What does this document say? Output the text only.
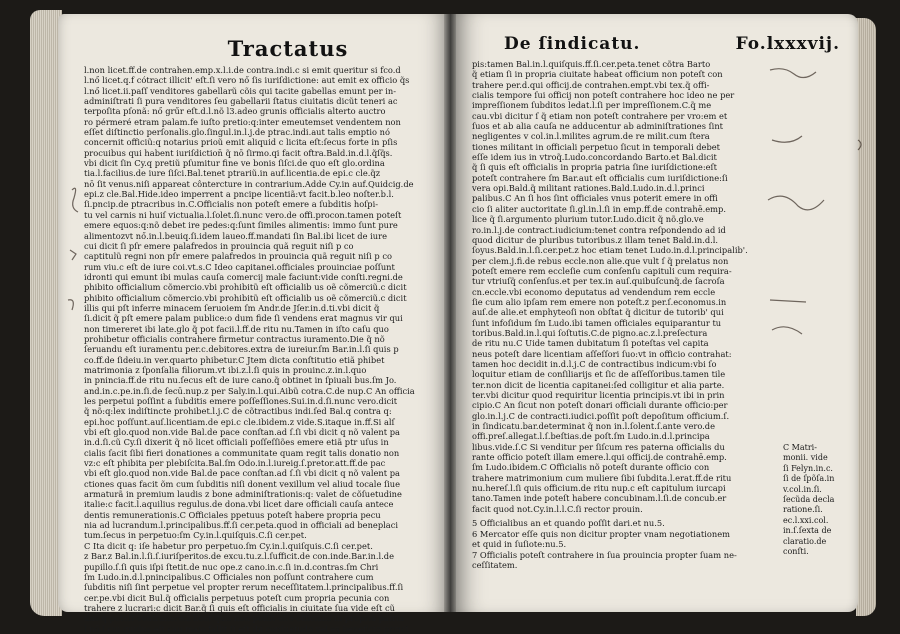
Tractatus
l.non licet.ff.de contrahen.emp.x.l.i.de contra.indi.c si emit queritur si fco.d
l.nő licet.q.f cótract illicit' eſt.ſi vero nő ſis iuriſdictione: aut emit ex officio q̃s
l.nő licet.ii.paſſ venditores gabellarũ cõis qui tacite gabellas emunt per in-
adminiſtrati ſi pura venditores ſeu gabellarii ſtatus ciuitatis dicũt teneri ac
terpoſita pſonã: nő grűr eſt.d.l.nõ l3.adeo grunis officialis alterto auctro
ro pérmeré etram palam.fe iuſto pretio:q:inter emeutemset vendentem non
eſſet diſtinctio perſonalis.glo.ſingul.in.l.j.de ptrac.indi.aut talis emptio nó
concernit officiũ:q notarius prioũ emit aliquid c licita eſt:ſecus forte in pſis
procuibus qui habent iuriſdiction̄ q̃ nō ſirmo.qi facit oftra.Bald.in.d.l.q̃ſq̃s.
vbi dicit ſin Cy.q pretiũ pſumitur fine ve bonis ſiſci.de quo eſt glo.ordina
tia.l.facilius.de iure ſiſci.Bal.tenet ptrariũ.in auf.licentia.de epi.c cle.q̃z
nō ſit venus.niſi appareat côntercture in contrarium.Adde Cy.in auf.Quidcig.de
epi.z cle.Bal.Hide.ideo imperrent a pncipe licentiã:vt facit.b.leo noſter.b.l.
ſi.pncip.de ptracribus in.C.Officialis non poteſt emere a ſubditis hoſpi-
tu vel carnis ni huiſ victualia.l.ſolet.ſi.nunc vero.de offi.procon.tamen poteſt
emere equos:q:nõ debet ire pedes:q:ſunt ſimiles alimentis: immo ſunt pure
alimentozvt nő.in.l.beuiq.ſi.idem laueo.ff.mandati ſin Bal.ibi licet de iure
cui dicit ſi pſr emere palafredos in prouincia quã reguit niſi p co
captitulũ regni non pſr emere palafredos in prouincia quã reguit niſi p co
rum viu.c eſt de iure coi.vt.s.C Ideo capitanei.officiales prouinciae poſſunt
idronti qui emunt ibi mulas cauſa comercij male faciunt:vide conſti.regni.de
phibito officialium cõmercio.vbi prohibitũ eſt officialib us oẽ cõmerciũ.c dicit
phibito officialium cõmercio.vbi prohibitũ eſt officialib us oẽ cõmerciũ.c dicit
illis qui pſt inferre minacem ſeruoiem ſm Andr.de Jſer.in.d.ti.vbi dicit q̃
ſi.dicit q̃ pſt emere palam publice:o dum fide ſi vendens erat magnus vir qui
non timereret ibi late.glo q̃ pot facii.l.ff.de ritu nu.Tamen in iſto caſu quo
prohibetur officialis contrahere firmetur contractus iuramento.Die q̃ nõ
ſeruandu eſt iuramentu per.c.debitores.extra de iureiur.ſm Bar.in.l.ſi quis p
co.ff.de ſideiu.in ver.quarto phibetur.C Jtem dicta conſtitutio etiã phibet
matrimonia z ſponſalia filiorum.vt ibi.z.l.ſi quis in prouinc.z.in.l.quo
in pnincia.ff.de ritu nu.ſecus eſt de iure cano.q̃ obtinet in ſpiuali bus.ſm Jo.
and.in.c.pe.in.ſi.de ſecū.nup.z per Saly.in.l.qui.Aibũ cotra.C.de nup.C An officia
les perpetui poſſint a ſubditis emere poſſeſſiones.Sui.in.d.ſi.nunc vero.dicit
q̃ nõ:q:lex indiſtincte prohibet.l.j.C de cõtractibus indi.ſed Bal.q contra q:
epi.hoc poſſunt.auſ.licentiam.de epi.c cle.ibidem.z vide.S.itaque in.ff.Si alſ
vbi eſt glo.quod non.vide Bal.de pace conſtan.ad ſ.ſi vbi dicit q nõ valent pa
in.d.ſi.cũ Cy.ſi dixerit q̃ nõ licet officiali poſſeſſiões emere etiã ptr uſus in
cialis ſacit ſibi fieri donationes a communitate quam regit talis donatio non
vz:c eſt phibita per plebiſcita.Bal.ſm Odo.in.l.iureig.ſ.pretor.att.ff.de pac
vbi eſt glo.quod non.vide Bal.de pace conſtan.ad ſ.ſi vbi dicit q nõ valent pa
ctiones quas facit õm cum ſubditis niſi donent vexillum vel aliud tocale ſiue
armaturã in premium laudis z bone adminiſtrationis:q: valet de cõſuetudine
italie:c facit.l.aquilius regulus.de dona.vbi licet dare officiali cauſa antece
dentis remunerationis.C Officiales ppetuus poteſt habere propria pecu
nia ad lucrandum.l.principalibus.ff.ſi cer.peta.quod in officiali ad beneplaci
tum.ſecus in perpetuo:ſm Cy.in.l.quiſquis.C.ſi cer.pet.
C Ita dicit q: iſe habetur pro perpetuo.ſm Cy.in.l.quiſquis.C.ſi cer.pet.
z Bar.z Bal.in.l.ſi.ſ.iuriſperitos.de excu.tu.z.l.ſufficit.de con.inde.Bar.in.l.de
pupillo.ſ.ſi quis iſpi ſtetit.de nuc ope.z cano.in.c.ſi in.d.contras.ſm Chri
ſm Ludo.in.d.l.pnincipalibus.C Officiales non poſſunt contrahere cum
ſubditis niſi ſint perpetue vel propter rerum neceſſitatem.l.principalibus.ff.ſi
cer.pe.vbi dicit Bul.q̃ officialis perpetuus poteſt cum propria pecunia con
trahere z lucrari:c dicit Bar.q̃ ſi quis eſt officialis in ciuitate ſua vide eſt cũ
dus q̃ poteſt contrahere:z licet quis non poſſit eſſe officialis in propria patria
l.nō.l.cui.quidus eſt cau.maio.fallit ſi eſt ibi conſuetudo vel ex beneficio princi
De ſindicatu.	Fo.lxxxvij.
pis:tamen Bal.in.l.quiſquis.ff.ſi.cer.peta.tenet cõtra Barto
q̃ etiam ſi in propria ciuitate habeat officium non poteſt con
trahere per.d.qui officij.de contrahen.empt.vbi tex.q̃ offi-
cialis tempore ſui officij non poteſt contrahere hoc ideo ne per
impreſſionem ſubditos ledat.l.ſi per impreſſionem.C.q̃ me
cau.vbi dicitur ſ q̃ etiam non poteſt contrahere per vro:em et
ſuos et ab alia cauſa ne adducentur ab adminiſtrationes ſint
negligentes v col.in.l.milites agrum.de re milit.cum ſtera
tiones militant in officiali perpetuo ſicut in temporali debet
eſſe idem ius in vtroq̃.Ludo.concordando Barto.et Bal.dicit
q̃ ſi quis eſt officialis in propria patria ſine iuriſdictione:eſt
poteſt contrahere ſm Bar.aut eſt officialis cum iuriſdictione:ſi
vera opi.Bald.q̃ militant rationes.Bald.Ludo.in.d.l.princi
palibus.C An ſi hos ſint officiales vnus poterit emere in offi
cio ſi aliter auctoritate ſi.gl.in.l.ſi in emp.ff.de contrahē.emp.
lice q̃ ſi.argumento plurium tutor.Ludo.dicit q̃ nõ.glo.ve
ro.in.l.j.de contract.iudicium:tenet contra reſpondendo ad id
quod dicitur de pluribus tutoribus.z illam tenet Bald.in.d.l.
ſoyus.Bald.in.l.ſi.cer.pet.z hoc etiam tenet Ludo.in.d.l.principalib'.
per clem.j.fi.de rebus eccle.non alie.que vult ſ q̃ prelatus non
poteſt emere rem eccleſie cum conſenſu capituli cum requira-
tur vtriuſq̃ conſenſus.et per tex.in auſ.quibuſcunq̃.de ſacroſa
cn.eccle.vbi economo deputatus ad vendendum rem eccle
ſie cum alio ipſam rem emere non poteſt.z per.ſ.economus.in
auſ.de alie.et emphyteoſi non obſtat q̃ dicitur de tutorib' qui
ſunt infoſidum ſm Ludo.ibi tamen officiales equiparantur tu
toribus.Bald.in.l.qui ſoſtutis.C.de pigno.ac.z.l.preſectura
de ritu nu.C Uide tamen dubitatum ſi poteſtas vel capita
neus poteſt dare licentiam aſſeſſori ſuo:vt in officio contrahat:
tamen hoc decidit in.d.l.j.C de contractibus indicum:vbi ſo
loquitur etiam de conſiliarijs et ſic de aſſeſſoribus.tamen tile
ter.non dicit de licentia capitanei:ſed colligitur et alia parte.
ter.vbi dicitur quod requiritur licentia principis.vt ibi in prin
cipio.C An ſicut non poteſt donari officiali durante officio:per
glo.in.l.j.C de contracti.iudici.poſſit poſt depoſitum officium.ſ.
in ſindicatu.bar.determinat q̃ non in.l.ſolent.ſ.ante vero.de
offi.preſ.allegat.l.ſ.beſtias.de poſt.ſm Ludo.in.d.l.principa
libus.vide.ſ.C Si venditur per ſiſcum res paterna officialis du
rante officio poteſt illam emere.l.qui officij.de contrahē.emp.
ſm Ludo.ibidem.C Officialis nõ poteſt durante officio con
trahere matrimonium cum muliere ſibi ſubdita.l.erat.ff.de ritu
nu.hereſ.l.ſi quis officium.de ritu nup.c eſt capitulum iurcapi
tano.Tamen inde poteſt habere concubinam.l.ſi.de concub.er
facit quod not.Cy.in.l.l.C.ſi rector prouin.
5 Officialibus an et quando poſſit dari.et nu.5.
6 Mercator eſſe quis non dicitur propter vnam negotiationem
et quid in ſuſiote:nu.5.
7 Officialis poteſt contrahere in ſua prouincia propter ſuam ne-
ceſſitatem.
C Matri-
monii. vide
ſi Felyn.in.c.
ſi de ſpõſa.in
v.col.in.ſi.
ſecũda decla
ratione.ſi.
ec.l.xxi.col.
in.ſ.ſexta de
claratio.de
conſti.
